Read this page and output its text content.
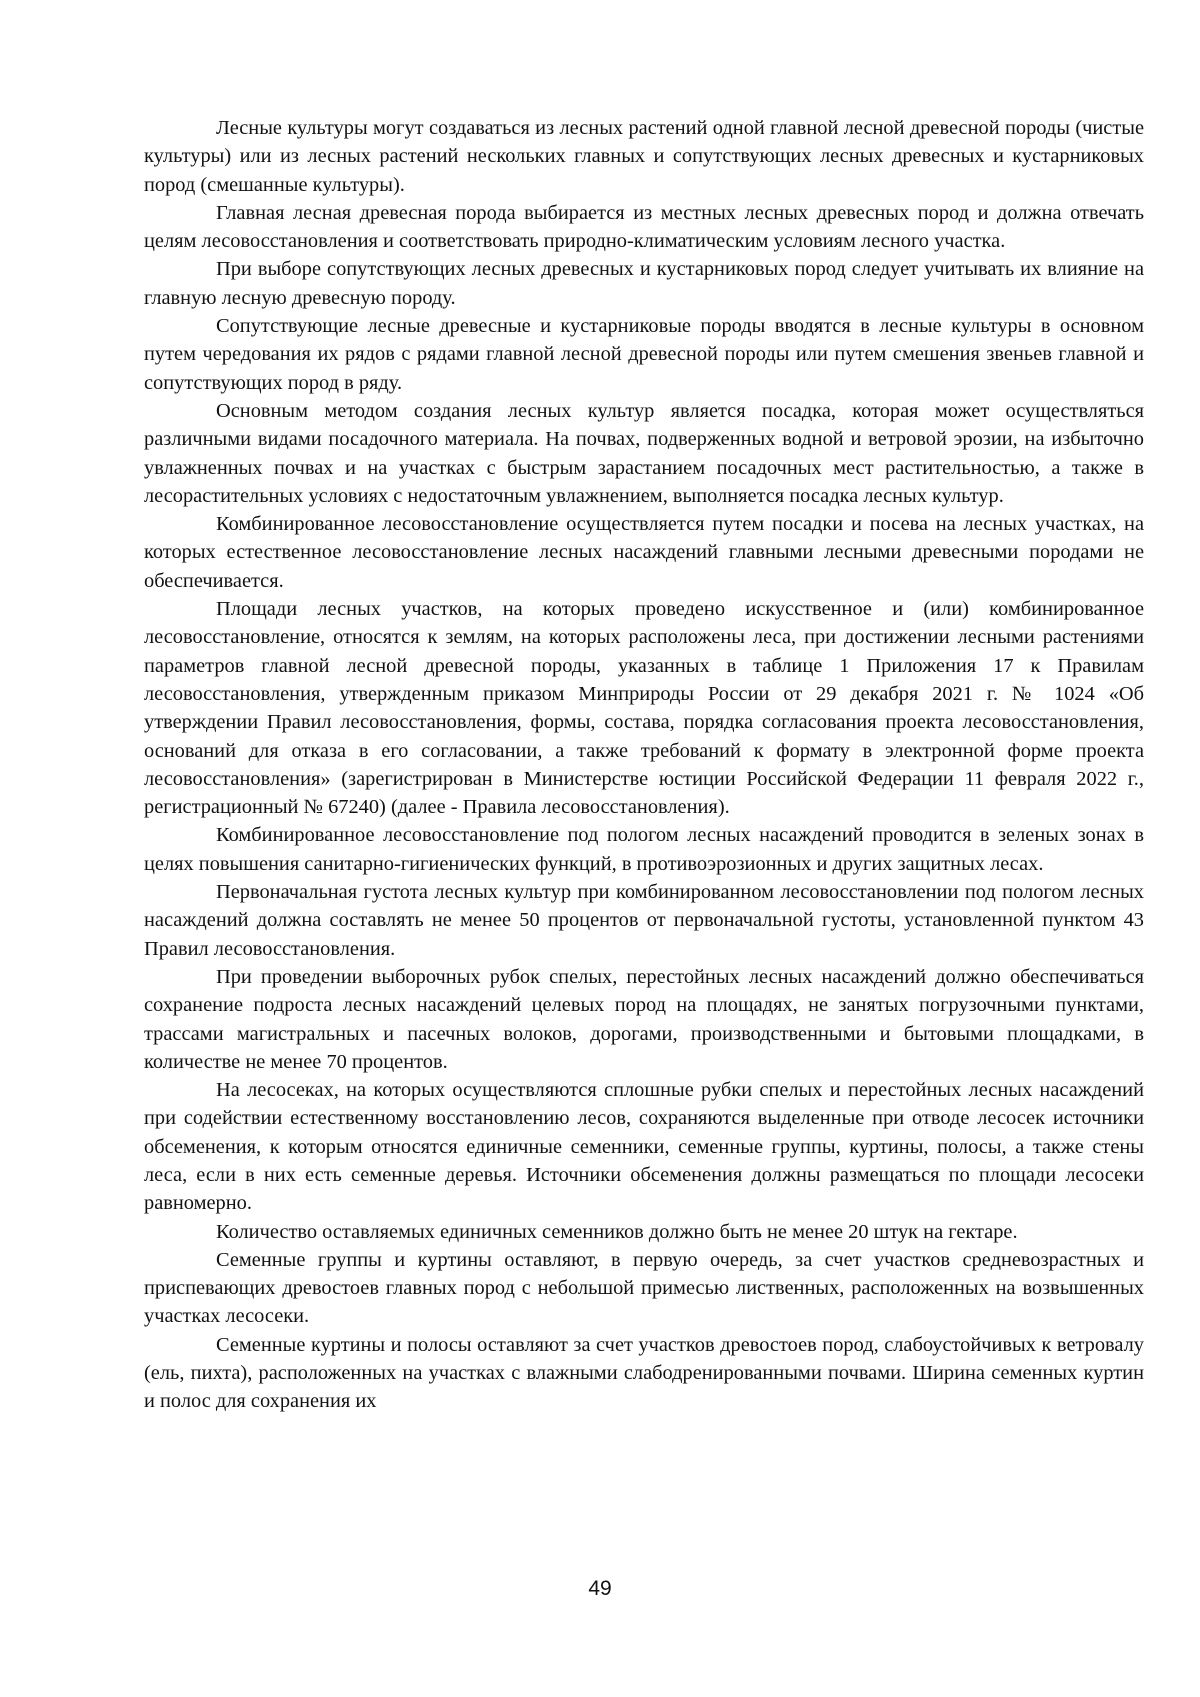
Лесные культуры могут создаваться из лесных растений одной главной лесной древесной породы (чистые культуры) или из лесных растений нескольких главных и сопутствующих лесных древесных и кустарниковых пород (смешанные культуры).

Главная лесная древесная порода выбирается из местных лесных древесных пород и должна отвечать целям лесовосстановления и соответствовать природно-климатическим условиям лесного участка.

При выборе сопутствующих лесных древесных и кустарниковых пород следует учитывать их влияние на главную лесную древесную породу.

Сопутствующие лесные древесные и кустарниковые породы вводятся в лесные культуры в основном путем чередования их рядов с рядами главной лесной древесной породы или путем смешения звеньев главной и сопутствующих пород в ряду.

Основным методом создания лесных культур является посадка, которая может осуществляться различными видами посадочного материала. На почвах, подверженных водной и ветровой эрозии, на избыточно увлажненных почвах и на участках с быстрым зарастанием посадочных мест растительностью, а также в лесорастительных условиях с недостаточным увлажнением, выполняется посадка лесных культур.

Комбинированное лесовосстановление осуществляется путем посадки и посева на лесных участках, на которых естественное лесовосстановление лесных насаждений главными лесными древесными породами не обеспечивается.

Площади лесных участков, на которых проведено искусственное и (или) комбинированное лесовосстановление, относятся к землям, на которых расположены леса, при достижении лесными растениями параметров главной лесной древесной породы, указанных в таблице 1 Приложения 17 к Правилам лесовосстановления, утвержденным приказом Минприроды России от 29 декабря 2021 г. № 1024 «Об утверждении Правил лесовосстановления, формы, состава, порядка согласования проекта лесовосстановления, оснований для отказа в его согласовании, а также требований к формату в электронной форме проекта лесовосстановления» (зарегистрирован в Министерстве юстиции Российской Федерации 11 февраля 2022 г., регистрационный № 67240) (далее - Правила лесовосстановления).

Комбинированное лесовосстановление под пологом лесных насаждений проводится в зеленых зонах в целях повышения санитарно-гигиенических функций, в противоэрозионных и других защитных лесах.

Первоначальная густота лесных культур при комбинированном лесовосстановлении под пологом лесных насаждений должна составлять не менее 50 процентов от первоначальной густоты, установленной пунктом 43 Правил лесовосстановления.

При проведении выборочных рубок спелых, перестойных лесных насаждений должно обеспечиваться сохранение подроста лесных насаждений целевых пород на площадях, не занятых погрузочными пунктами, трассами магистральных и пасечных волоков, дорогами, производственными и бытовыми площадками, в количестве не менее 70 процентов.

На лесосеках, на которых осуществляются сплошные рубки спелых и перестойных лесных насаждений при содействии естественному восстановлению лесов, сохраняются выделенные при отводе лесосек источники обсеменения, к которым относятся единичные семенники, семенные группы, куртины, полосы, а также стены леса, если в них есть семенные деревья. Источники обсеменения должны размещаться по площади лесосеки равномерно.

Количество оставляемых единичных семенников должно быть не менее 20 штук на гектаре.

Семенные группы и куртины оставляют, в первую очередь, за счет участков средневозрастных и приспевающих древостоев главных пород с небольшой примесью лиственных, расположенных на возвышенных участках лесосеки.

Семенные куртины и полосы оставляют за счет участков древостоев пород, слабоустойчивых к ветровалу (ель, пихта), расположенных на участках с влажными слабодренированными почвами. Ширина семенных куртин и полос для сохранения их

49
